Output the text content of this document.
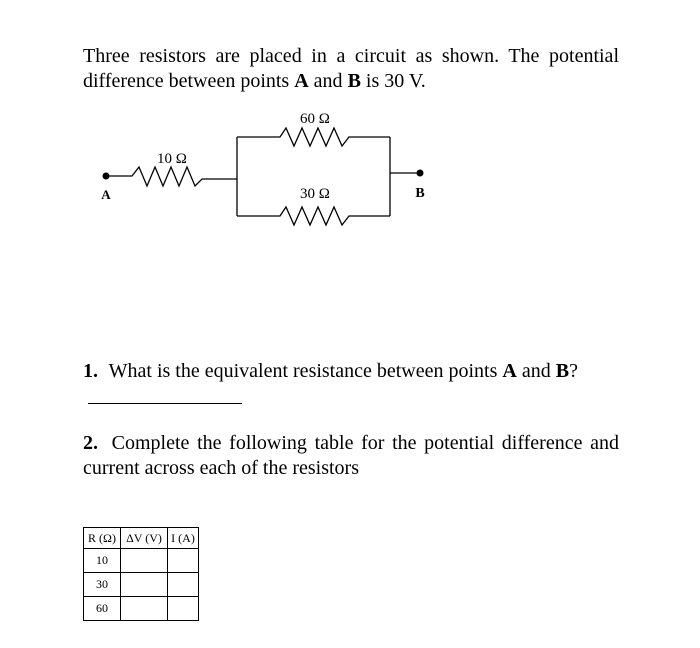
Three resistors are placed in a circuit as shown. The potential difference between points A and B is 30 V.
10 Ω
60 Ω
30 Ω
A	B
1. What is the equivalent resistance between points A and B?
2. Complete the following table for the potential difference and current across each of the resistors
R (Ω)	ΔV (V)	I (A)
10		
30		
60		
